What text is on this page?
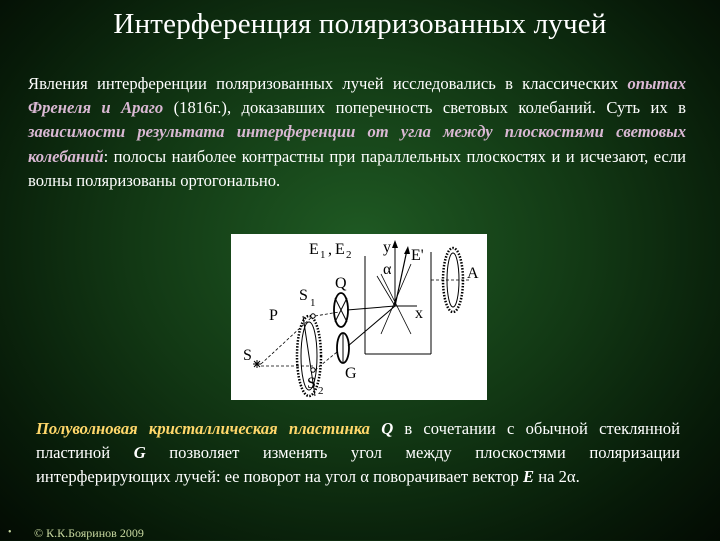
Интерференция поляризованных лучей
Явления интерференции поляризованных лучей исследовались в классических опытах Френеля и Араго (1816г.), доказавших поперечность световых колебаний. Суть их в зависимости результата интерференции от угла между плоскостями световых колебаний: полосы наиболее контрастны при параллельных плоскостях и и исчезают, если волны поляризованы ортогонально.
E 1 , E 2 y E'
α	A
Q
S 1
x
P
S
S 2
G
Полуволновая кристаллическая пластинка Q в сочетании с обычной стеклянной пластиной G позволяет изменять угол между плоскостями поляризации интерферирующих лучей: ее поворот на угол α поворачивает вектор E на 2α.
• © К.К.Бояринов 2009
